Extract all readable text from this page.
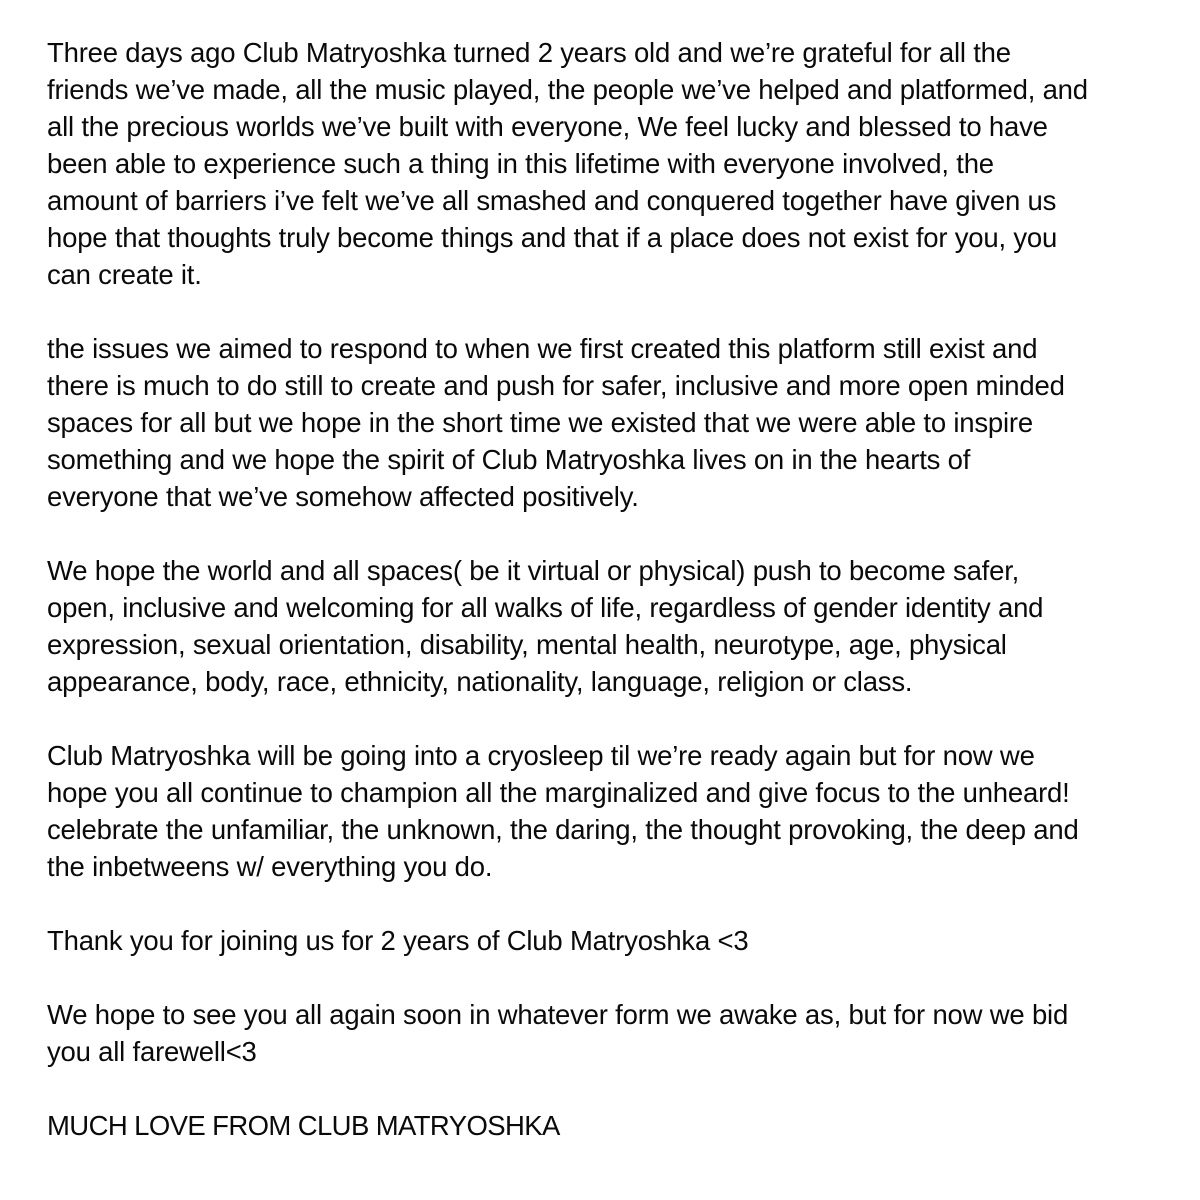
Three days ago Club Matryoshka turned 2 years old and we’re grateful for all the
friends we’ve made, all the music played, the people we’ve helped and platformed, and
all the precious worlds we’ve built with everyone, We feel lucky and blessed to have
been able to experience such a thing in this lifetime with everyone involved, the
amount of barriers i’ve felt we’ve all smashed and conquered together have given us
hope that thoughts truly become things and that if a place does not exist for you, you
can create it.

the issues we aimed to respond to when we first created this platform still exist and
there is much to do still to create and push for safer, inclusive and more open minded
spaces for all but we hope in the short time we existed that we were able to inspire
something and we hope the spirit of Club Matryoshka lives on in the hearts of
everyone that we’ve somehow affected positively.

We hope the world and all spaces( be it virtual or physical) push to become safer,
open, inclusive and welcoming for all walks of life, regardless of gender identity and
expression, sexual orientation, disability, mental health, neurotype, age, physical
appearance, body, race, ethnicity, nationality, language, religion or class.

Club Matryoshka will be going into a cryosleep til we’re ready again but for now we
hope you all continue to champion all the marginalized and give focus to the unheard!
celebrate the unfamiliar, the unknown, the daring, the thought provoking, the deep and
the inbetweens w/ everything you do.

Thank you for joining us for 2 years of Club Matryoshka <3

We hope to see you all again soon in whatever form we awake as, but for now we bid
you all farewell<3

MUCH LOVE FROM CLUB MATRYOSHKA
